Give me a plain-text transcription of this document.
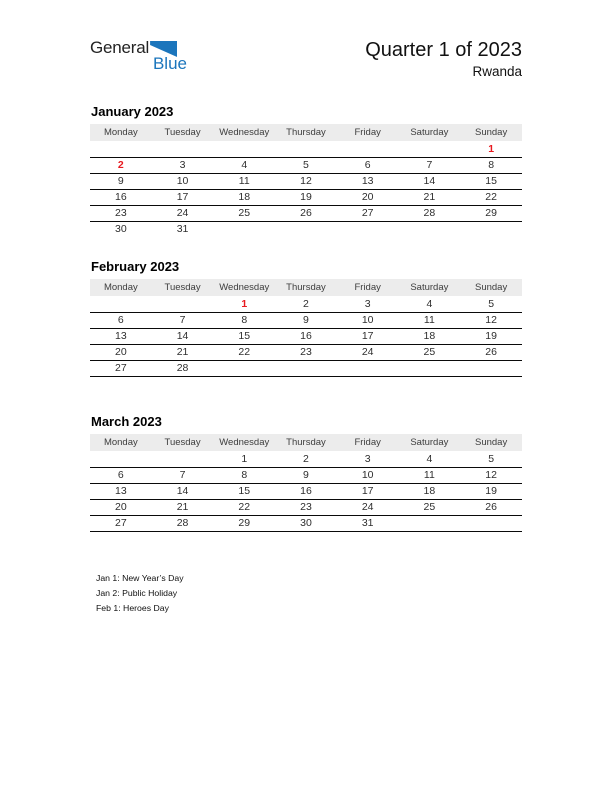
General
Blue
Quarter 1 of 2023
Rwanda
January 2023
Monday	Tuesday	Wednesday	Thursday	Friday	Saturday	Sunday
						1
2	3	4	5	6	7	8
9	10	11	12	13	14	15
16	17	18	19	20	21	22
23	24	25	26	27	28	29
30	31					
February 2023
Monday	Tuesday	Wednesday	Thursday	Friday	Saturday	Sunday
		1	2	3	4	5
6	7	8	9	10	11	12
13	14	15	16	17	18	19
20	21	22	23	24	25	26
27	28					
March 2023
Monday	Tuesday	Wednesday	Thursday	Friday	Saturday	Sunday
		1	2	3	4	5
6	7	8	9	10	11	12
13	14	15	16	17	18	19
20	21	22	23	24	25	26
27	28	29	30	31		
Jan 1: New Year’s Day
Jan 2: Public Holiday
Feb 1: Heroes Day
